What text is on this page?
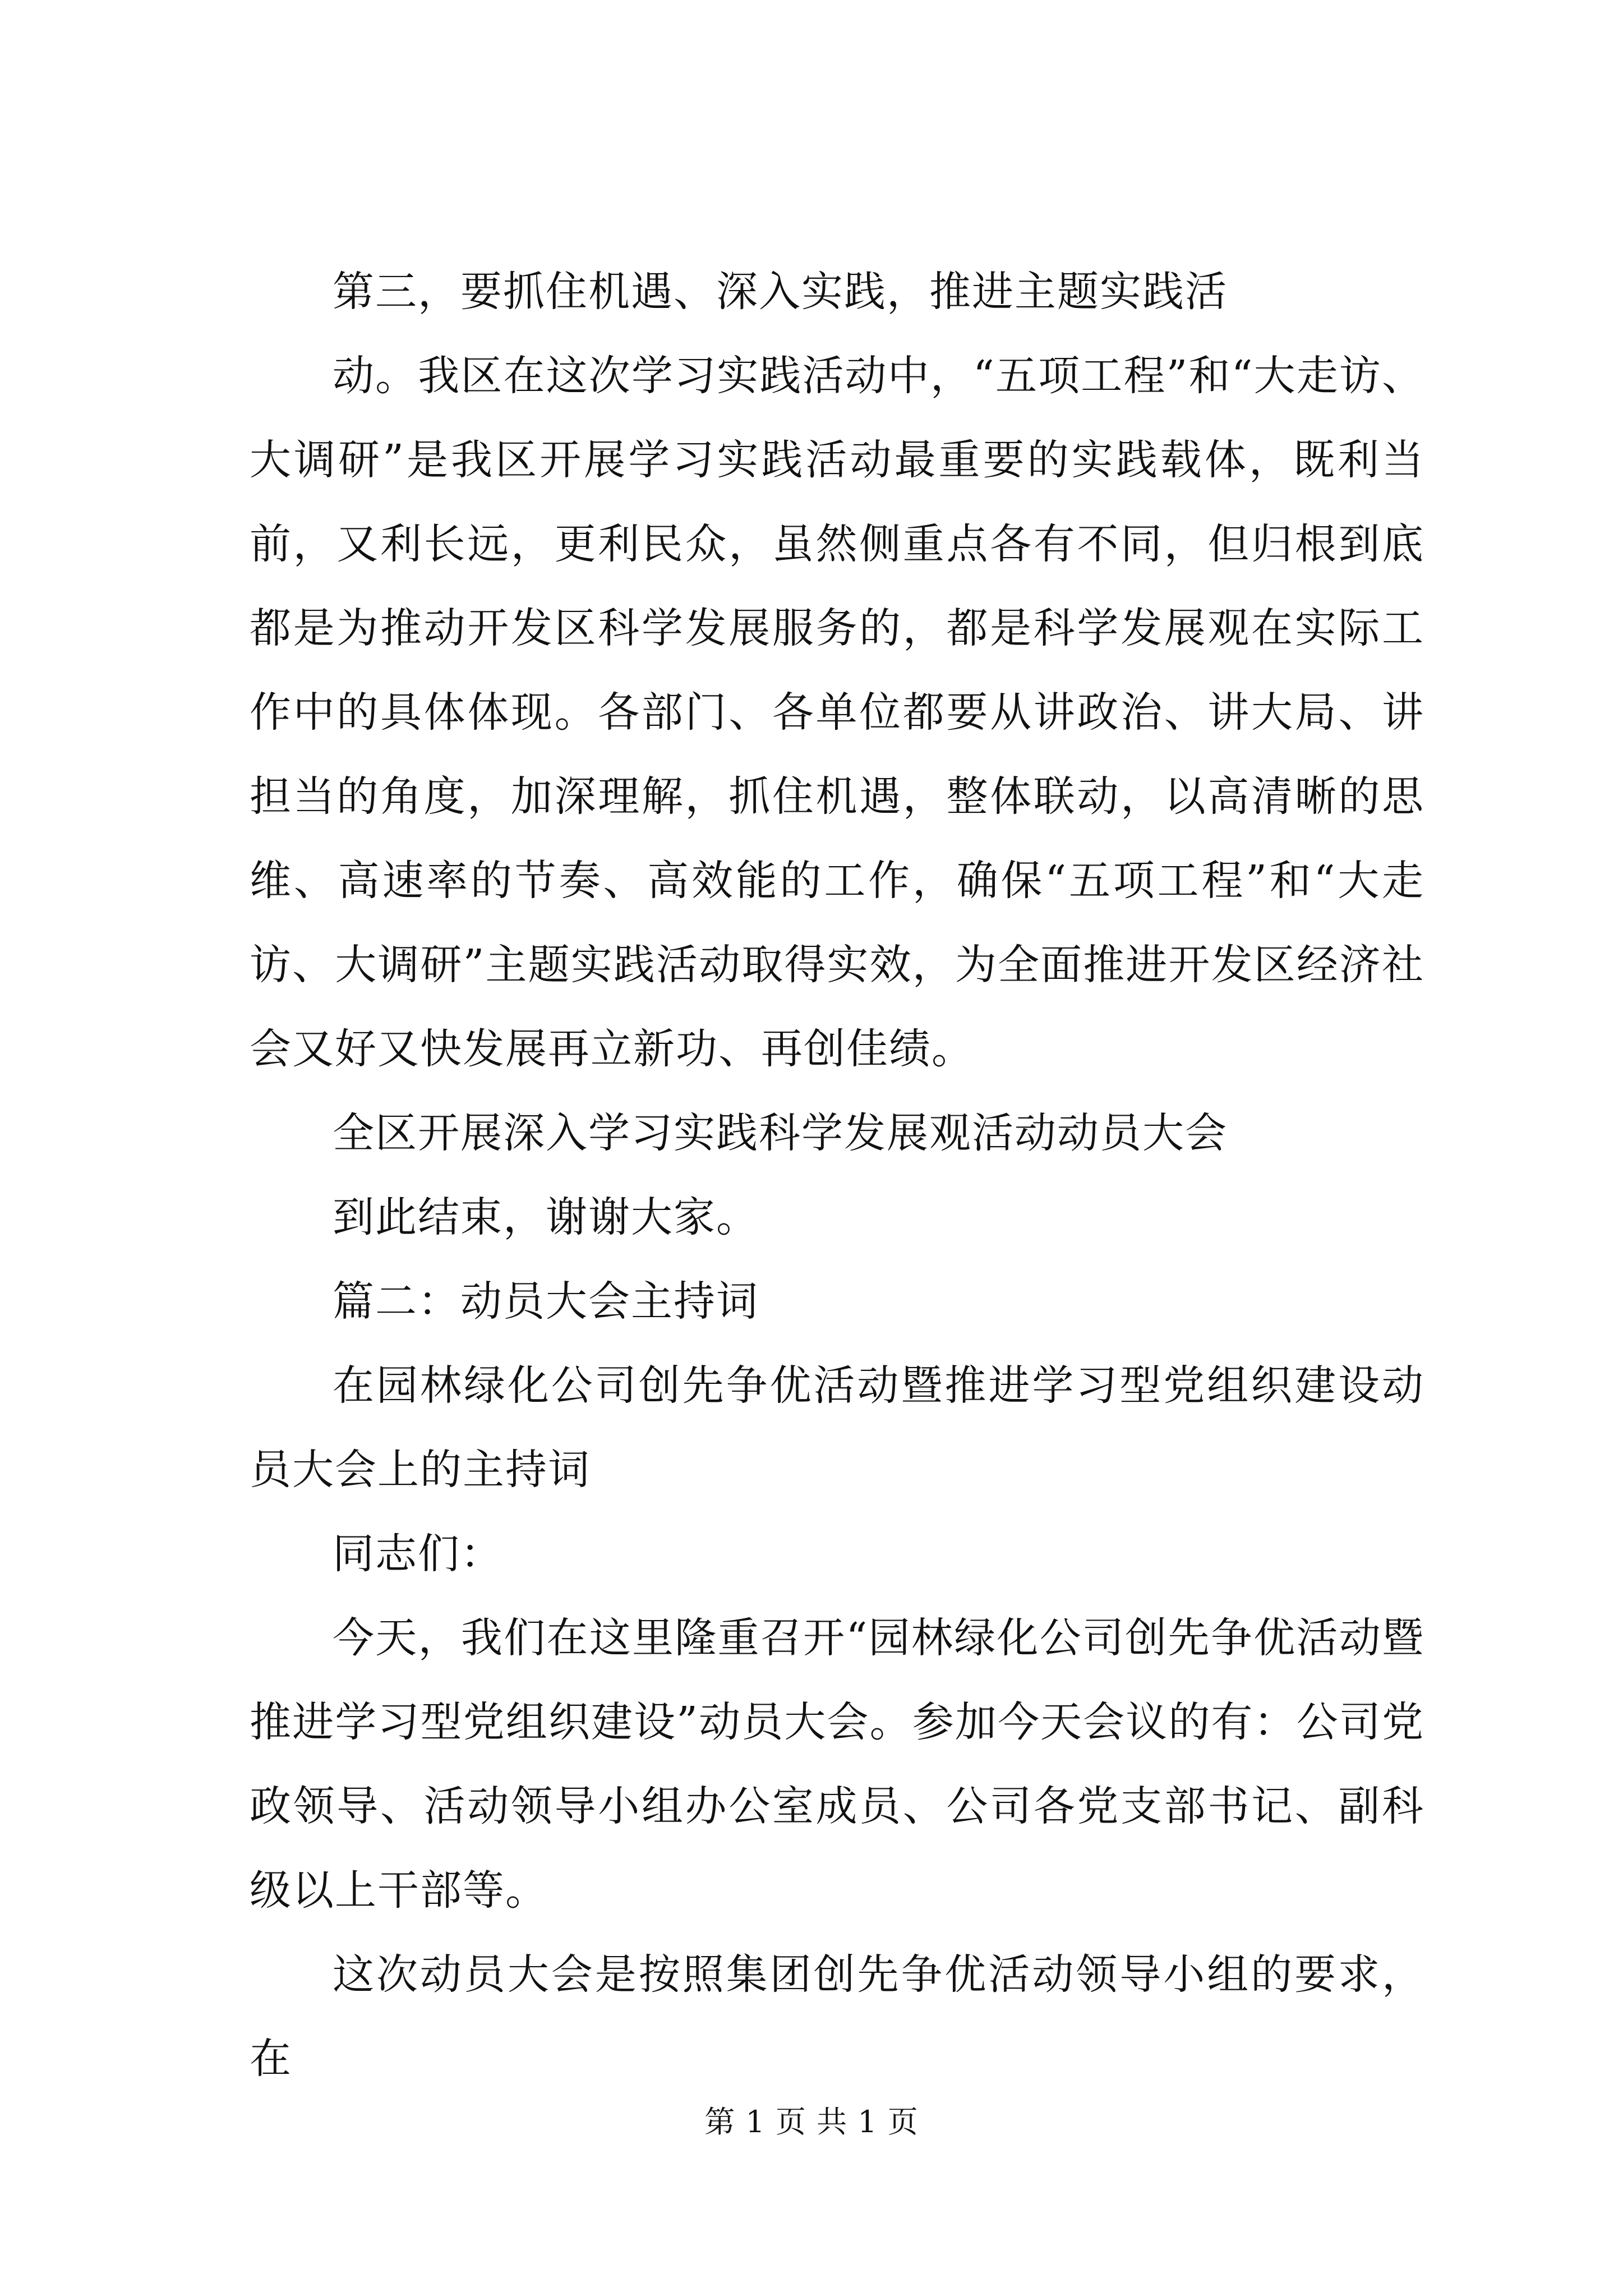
第三，要抓住机遇、深入实践，推进主题实践活

动。我区在这次学习实践活动中，“五项工程”和“大走访、大调研”是我区开展学习实践活动最重要的实践载体，既利当前，又利长远，更利民众，虽然侧重点各有不同，但归根到底都是为推动开发区科学发展服务的，都是科学发展观在实际工作中的具体体现。各部门、各单位都要从讲政治、讲大局、讲担当的角度，加深理解，抓住机遇，整体联动，以高清晰的思维、高速率的节奏、高效能的工作，确保“五项工程”和“大走访、大调研”主题实践活动取得实效，为全面推进开发区经济社会又好又快发展再立新功、再创佳绩。

全区开展深入学习实践科学发展观活动动员大会

到此结束，谢谢大家。

篇二：动员大会主持词

在园林绿化公司创先争优活动暨推进学习型党组织建设动员大会上的主持词

同志们：

今天，我们在这里隆重召开“园林绿化公司创先争优活动暨推进学习型党组织建设”动员大会。参加今天会议的有：公司党政领导、活动领导小组办公室成员、公司各党支部书记、副科级以上干部等。

这次动员大会是按照集团创先争优活动领导小组的要求，在

第 1 页 共 1 页
